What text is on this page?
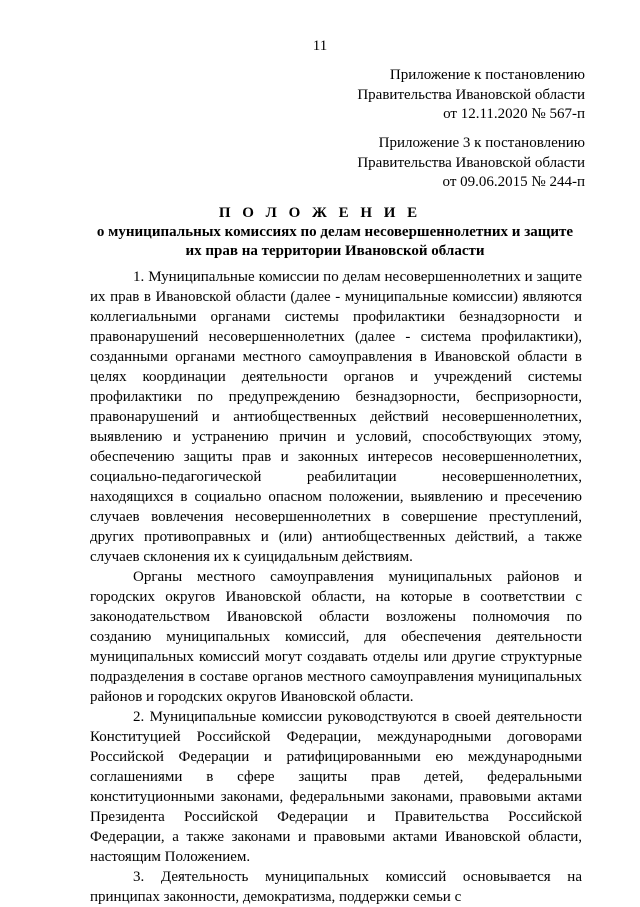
11
Приложение к постановлению
Правительства Ивановской области
от 12.11.2020 № 567-п
Приложение 3 к постановлению
Правительства Ивановской области
от 09.06.2015 № 244-п
П О Л О Ж Е Н И Е
о муниципальных комиссиях по делам несовершеннолетних и защите их прав на территории Ивановской области

1. Муниципальные комиссии по делам несовершеннолетних и защите их прав в Ивановской области (далее - муниципальные комиссии) являются коллегиальными органами системы профилактики безнадзорности и правонарушений несовершеннолетних (далее - система профилактики), созданными органами местного самоуправления в Ивановской области в целях координации деятельности органов и учреждений системы профилактики по предупреждению безнадзорности, беспризорности, правонарушений и антиобщественных действий несовершеннолетних, выявлению и устранению причин и условий, способствующих этому, обеспечению защиты прав и законных интересов несовершеннолетних, социально-педагогической реабилитации несовершеннолетних, находящихся в социально опасном положении, выявлению и пресечению случаев вовлечения несовершеннолетних в совершение преступлений, других противоправных и (или) антиобщественных действий, а также случаев склонения их к суицидальным действиям.

Органы местного самоуправления муниципальных районов и городских округов Ивановской области, на которые в соответствии с законодательством Ивановской области возложены полномочия по созданию муниципальных комиссий, для обеспечения деятельности муниципальных комиссий могут создавать отделы или другие структурные подразделения в составе органов местного самоуправления муниципальных районов и городских округов Ивановской области.

2. Муниципальные комиссии руководствуются в своей деятельности Конституцией Российской Федерации, международными договорами Российской Федерации и ратифицированными ею международными соглашениями в сфере защиты прав детей, федеральными конституционными законами, федеральными законами, правовыми актами Президента Российской Федерации и Правительства Российской Федерации, а также законами и правовыми актами Ивановской области, настоящим Положением.

3. Деятельность муниципальных комиссий основывается на принципах законности, демократизма, поддержки семьи с
